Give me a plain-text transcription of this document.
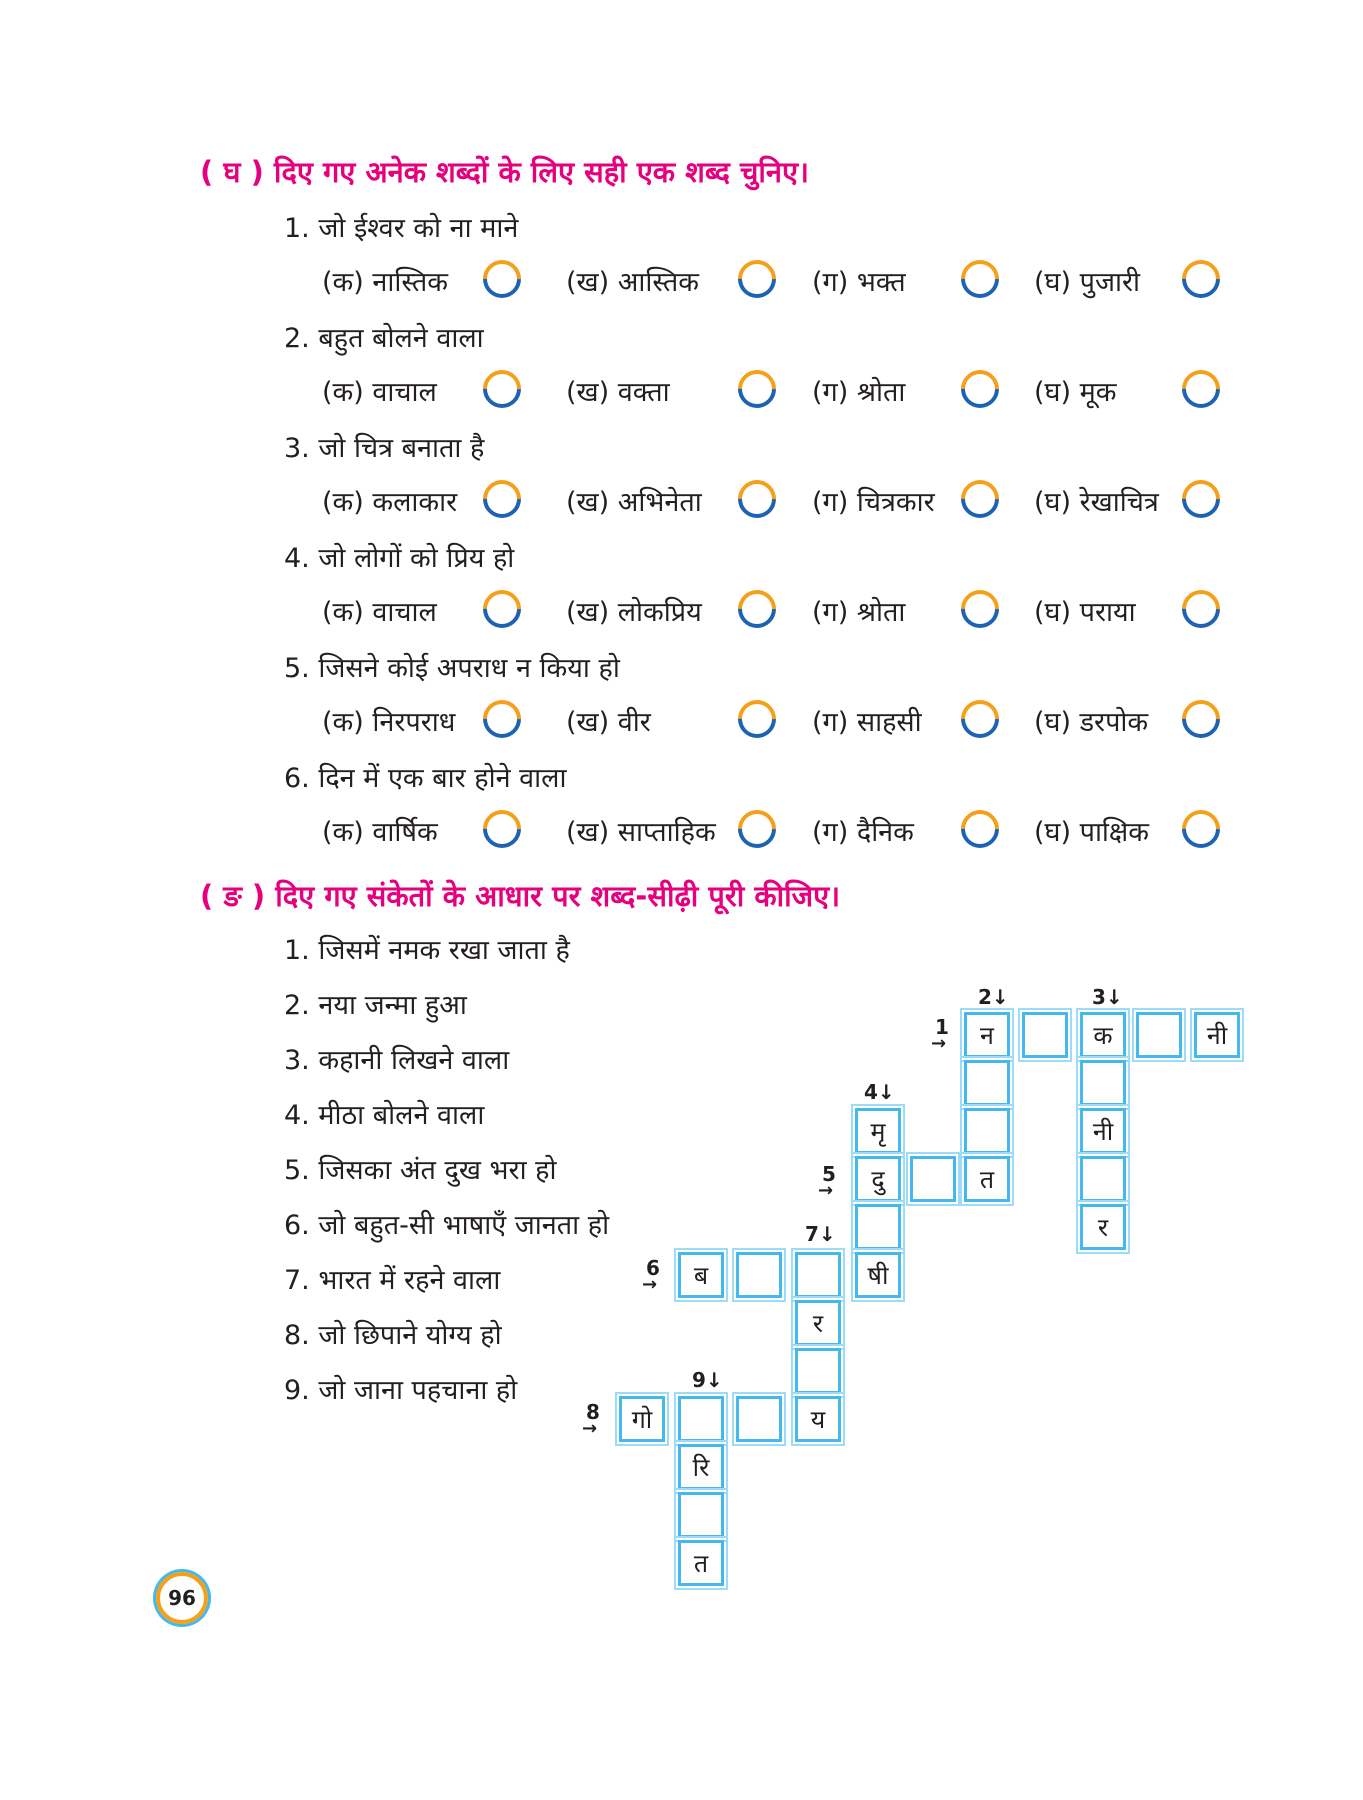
( घ ) दिए गए अनेक शब्दों के लिए सही एक शब्द चुनिए।
1. जो ईश्वर को ना माने
(क) नास्तिक	(ख) आस्तिक	(ग) भक्त	(घ) पुजारी
2. बहुत बोलने वाला
(क) वाचाल	(ख) वक्ता	(ग) श्रोता	(घ) मूक
3. जो चित्र बनाता है
(क) कलाकार	(ख) अभिनेता	(ग) चित्रकार	(घ) रेखाचित्र
4. जो लोगों को प्रिय हो
(क) वाचाल	(ख) लोकप्रिय	(ग) श्रोता	(घ) पराया
5. जिसने कोई अपराध न किया हो
(क) निरपराध	(ख) वीर	(ग) साहसी	(घ) डरपोक
6. दिन में एक बार होने वाला
(क) वार्षिक	(ख) साप्ताहिक	(ग) दैनिक	(घ) पाक्षिक
( ङ ) दिए गए संकेतों के आधार पर शब्द-सीढ़ी पूरी कीजिए।
1. जिसमें नमक रखा जाता है
2. नया जन्मा हुआ
3. कहानी लिखने वाला
4. मीठा बोलने वाला
5. जिसका अंत दुख भरा हो
6. जो बहुत-सी भाषाएँ जानता हो
7. भारत में रहने वाला
8. जो छिपाने योग्य हो
9. जो जाना पहचाना हो
न	क	नी
मृ	नी
दु	त
र
ब	षी
र
गो	य
रि
त
1
→
2↓	3↓
4↓
5
→
7↓
6
→
9↓
8
→
96
